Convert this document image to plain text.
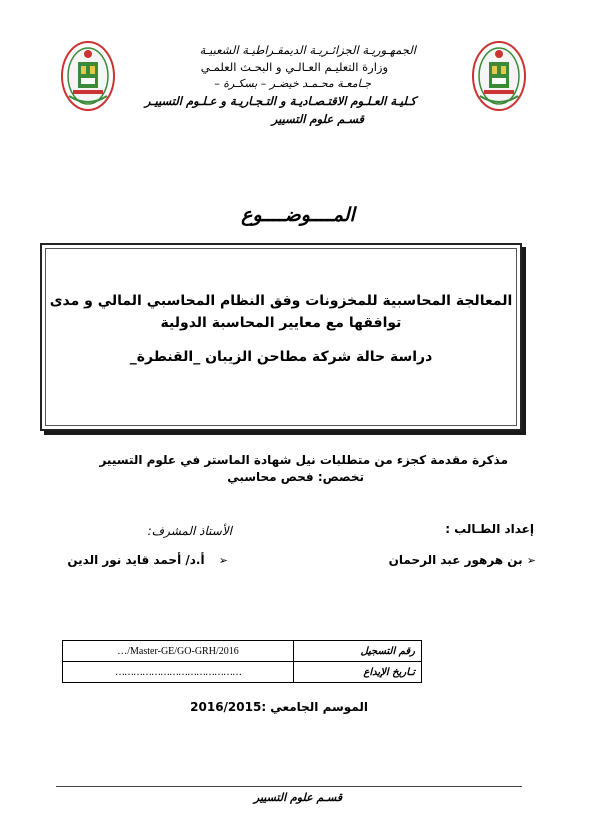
الجمهـوريـة الجزائـريـة الديمقـراطيـة الشعبيـة
وزارة التعليـم العـالـي و البحـث العلمـي
جـامعـة محـمـد خيضـر – بسكـرة –
كـليـة العـلـوم الاقتـصـاديـة و التـجـاريـة و عـلـوم التسييـر
قسـم علوم التسيير
المــــوضــــوع
المعالجة المحاسبية للمخزونات وفق النظام المحاسبي المالي و مدى
توافقها مع معايير المحاسبة الدولية
دراسة حالة شركة مطاحن الزيبان _القنطرة_
مذكرة مقدمة كجزء من متطلبات نيل شهادة الماستر في علوم التسيير
تخصص: فحص محاسبي
إعداد الطـالب :
➢ بن هرهور عبد الرحمان
الأستاذ المشرف:
➢ أ.د/ أحمد قايد نور الدين
…/Master-GE/GO-GRH/2016	رقم التسجيل
……………………………………	تـاريخ الإيداع
الموسم الجامعي :2016/2015
قسـم علوم التسيير
